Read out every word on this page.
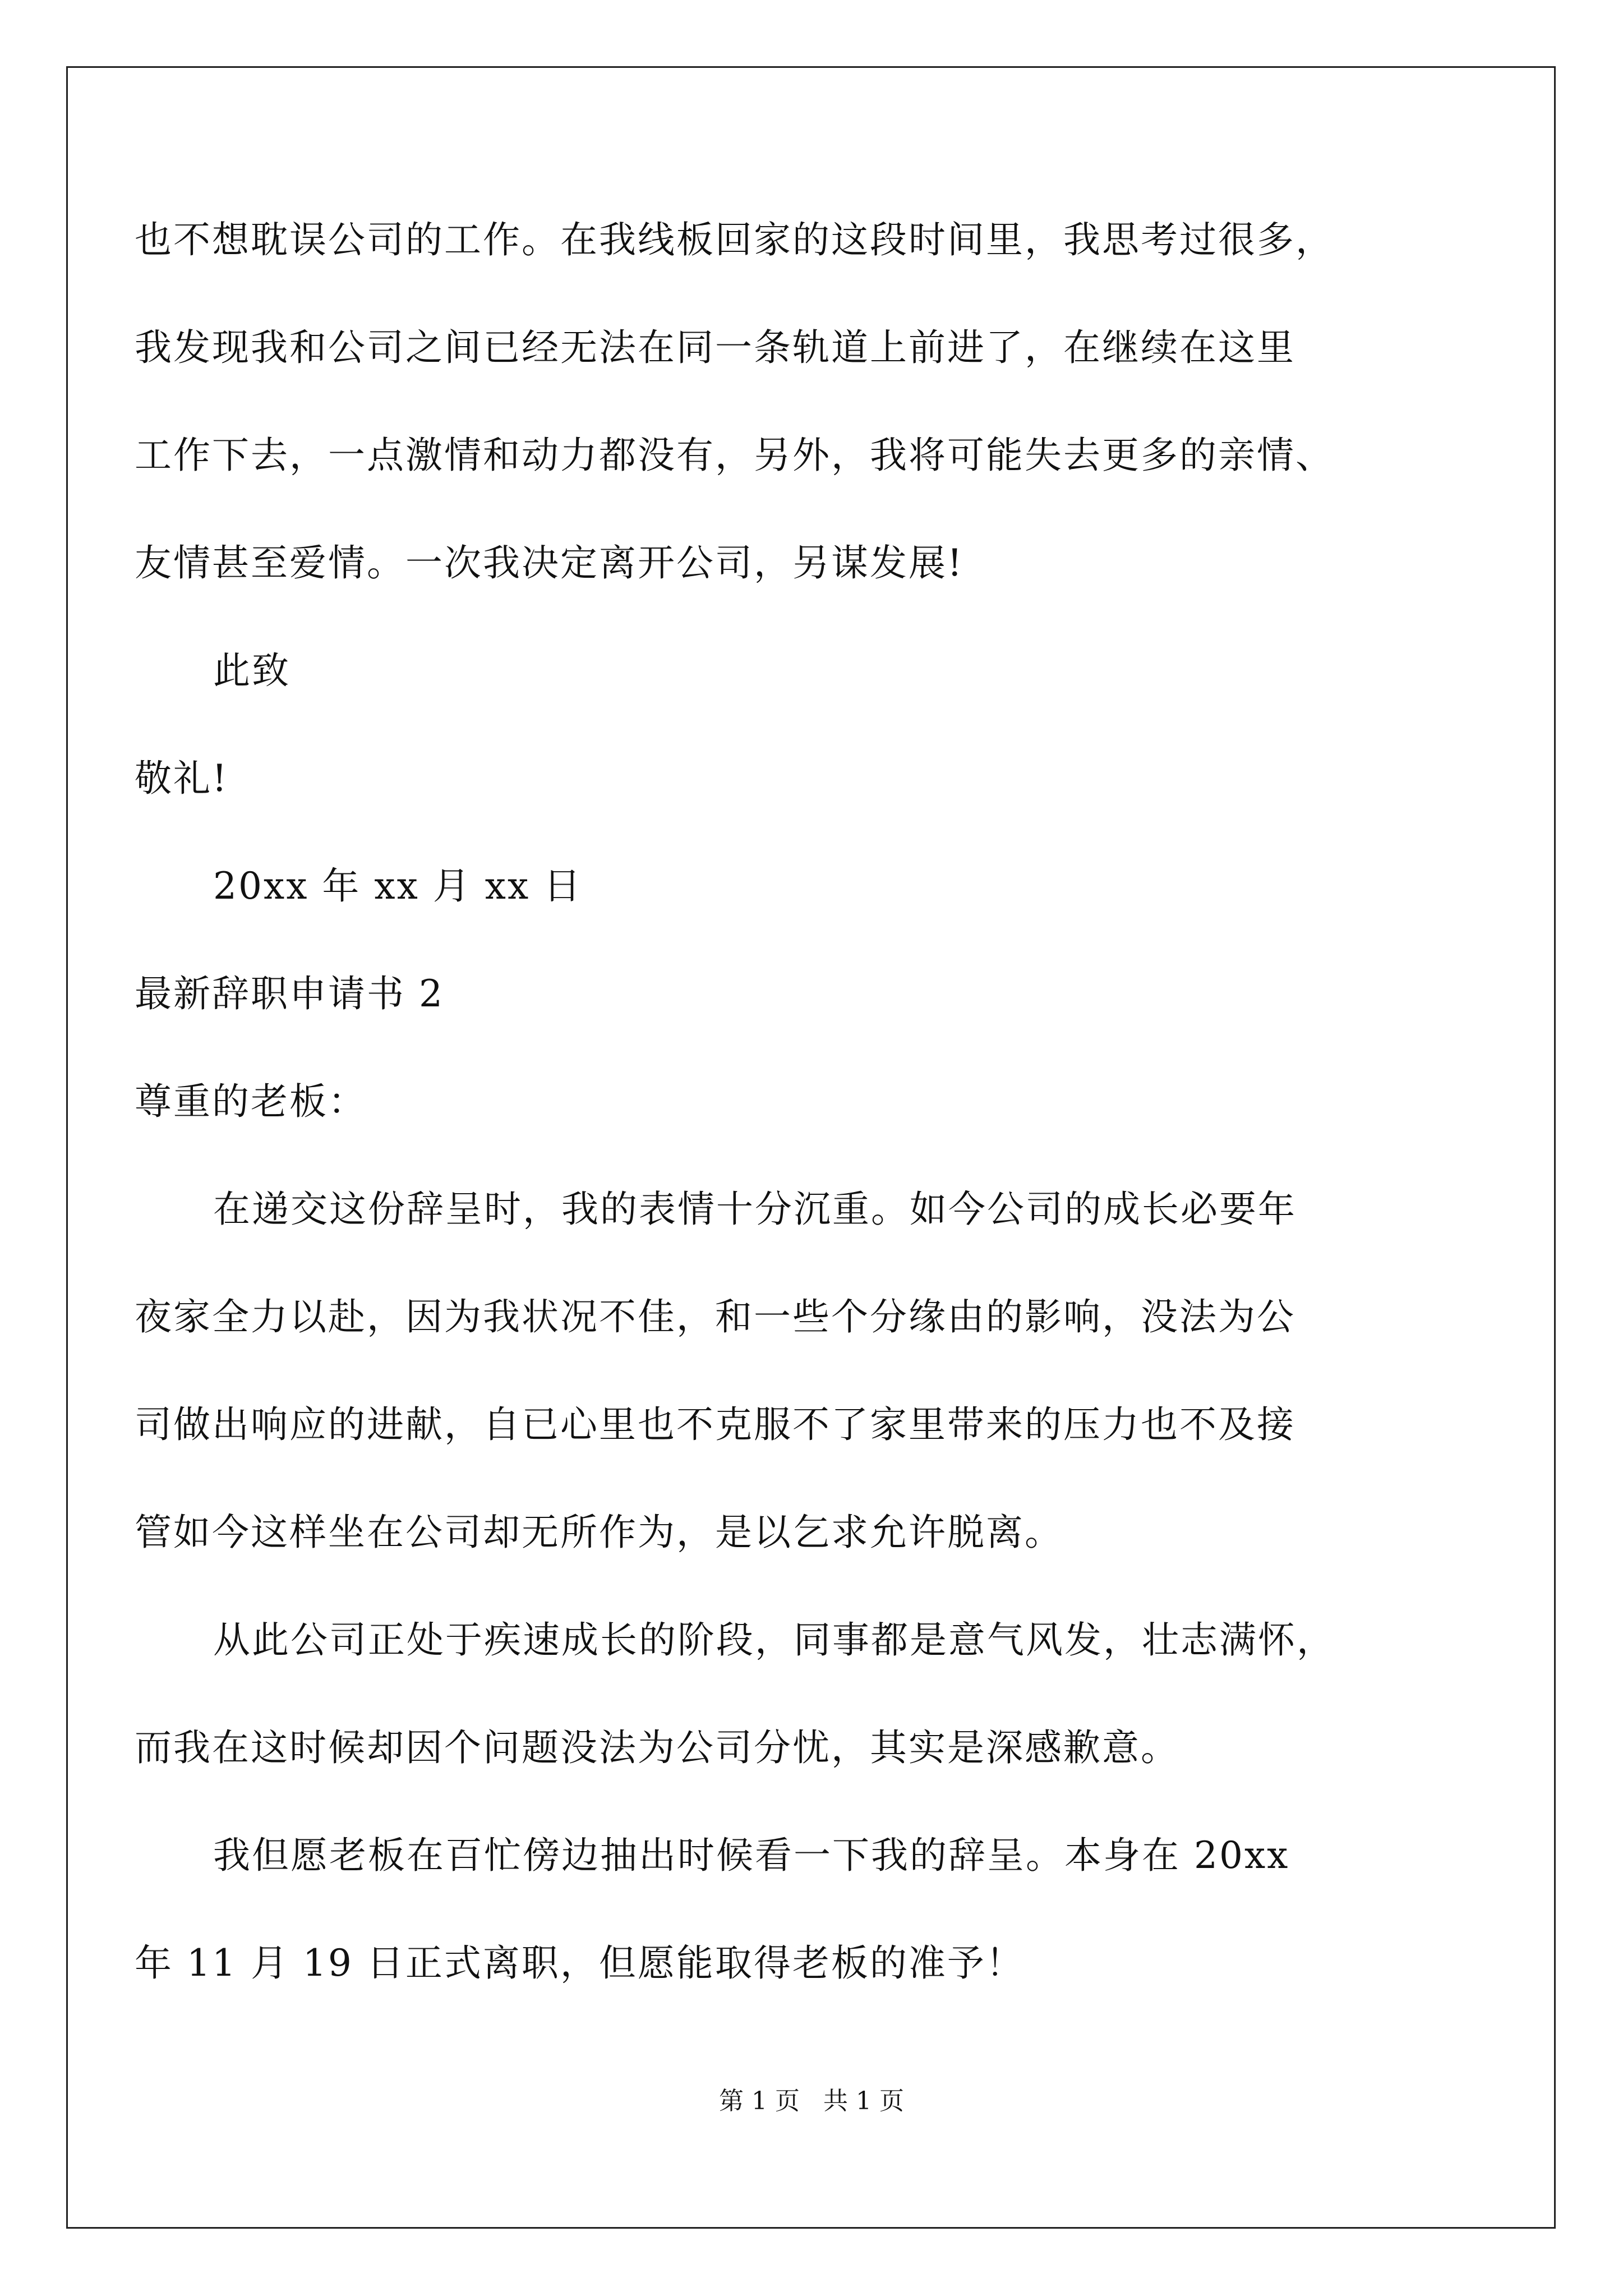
也不想耽误公司的工作。在我线板回家的这段时间里，我思考过很多，
我发现我和公司之间已经无法在同一条轨道上前进了，在继续在这里
工作下去，一点激情和动力都没有，另外，我将可能失去更多的亲情、
友情甚至爱情。一次我决定离开公司，另谋发展!
此致
敬礼!
20xx 年 xx 月 xx 日
最新辞职申请书 2
尊重的老板：
在递交这份辞呈时，我的表情十分沉重。如今公司的成长必要年
夜家全力以赴，因为我状况不佳，和一些个分缘由的影响，没法为公
司做出响应的进献，自已心里也不克服不了家里带来的压力也不及接
管如今这样坐在公司却无所作为，是以乞求允许脱离。
从此公司正处于疾速成长的阶段，同事都是意气风发，壮志满怀，
而我在这时候却因个问题没法为公司分忧，其实是深感歉意。
我但愿老板在百忙傍边抽出时候看一下我的辞呈。本身在 20xx
年 11 月 19 日正式离职，但愿能取得老板的准予！
第 1 页   共 1 页
